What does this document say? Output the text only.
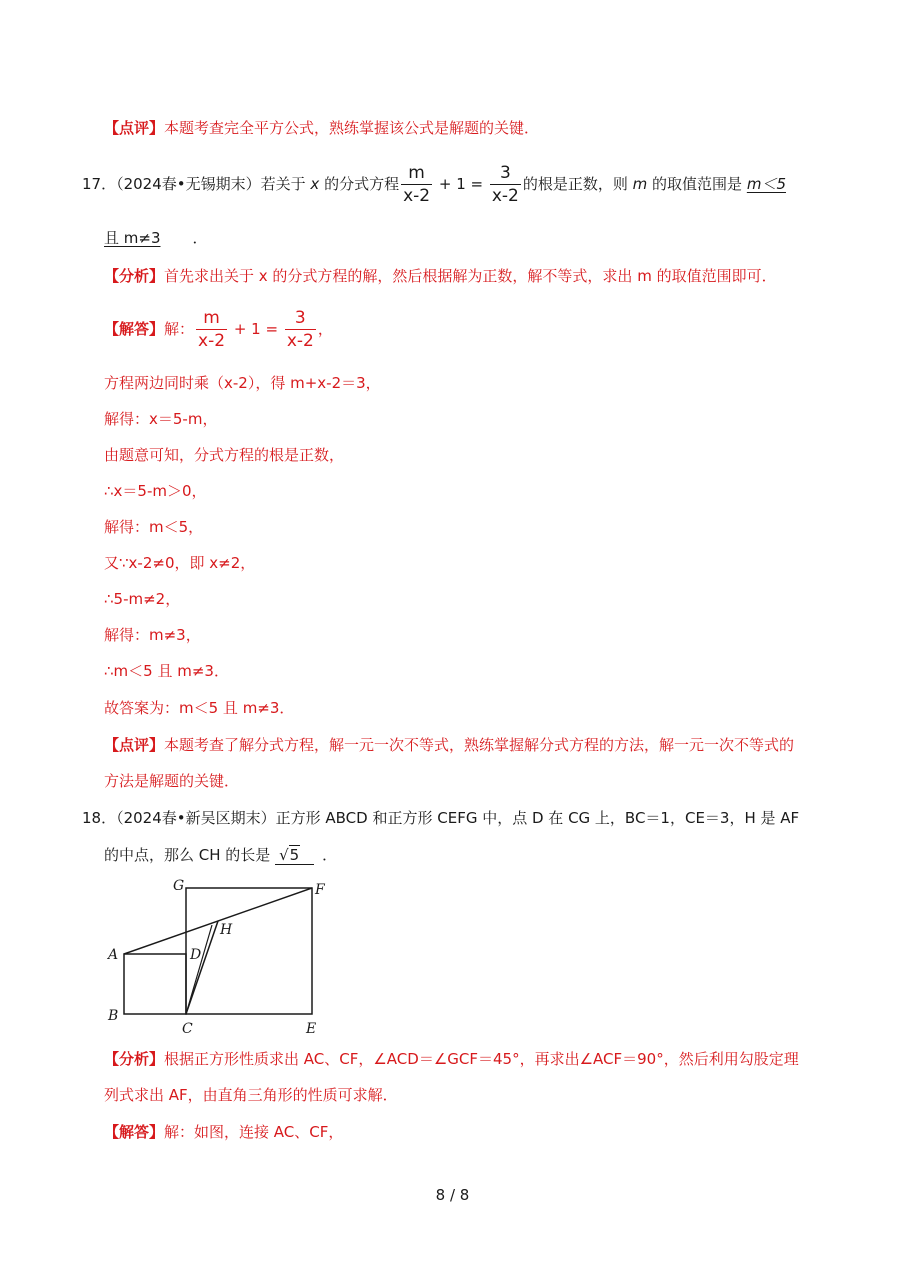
【点评】本题考查完全平方公式，熟练掌握该公式是解题的关键．
17．（2024春•无锡期末）若关于 x 的分式方程 $\frac{m}{x-2} + 1 = \frac{3}{x-2}$ 的根是正数，则 m 的取值范围是 m＜5
且 m≠3 ．
【分析】首先求出关于 x 的分式方程的解，然后根据解为正数，解不等式，求出 m 的取值范围即可．
【解答】解： $\frac{m}{x-2} + 1 = \frac{3}{x-2}$ ，
方程两边同时乘（x-2），得 m+x-2＝3，
解得：x＝5-m，
由题意可知，分式方程的根是正数，
∴x＝5-m＞0，
解得：m＜5，
又∵x-2≠0，即 x≠2，
∴5-m≠2，
解得：m≠3，
∴m＜5 且 m≠3．
故答案为：m＜5 且 m≠3．
【点评】本题考查了解分式方程，解一元一次不等式，熟练掌握解分式方程的方法，解一元一次不等式的
方法是解题的关键．
18．（2024春•新吴区期末）正方形 ABCD 和正方形 CEFG 中，点 D 在 CG 上，BC＝1，CE＝3，H 是 AF
的中点，那么 CH 的长是 √5 ．
G	F
H
A	D
B
C	E
【分析】根据正方形性质求出 AC、CF，∠ACD＝∠GCF＝45°，再求出∠ACF＝90°，然后利用勾股定理
列式求出 AF，由直角三角形的性质可求解．
【解答】解：如图，连接 AC、CF，
8 / 8
